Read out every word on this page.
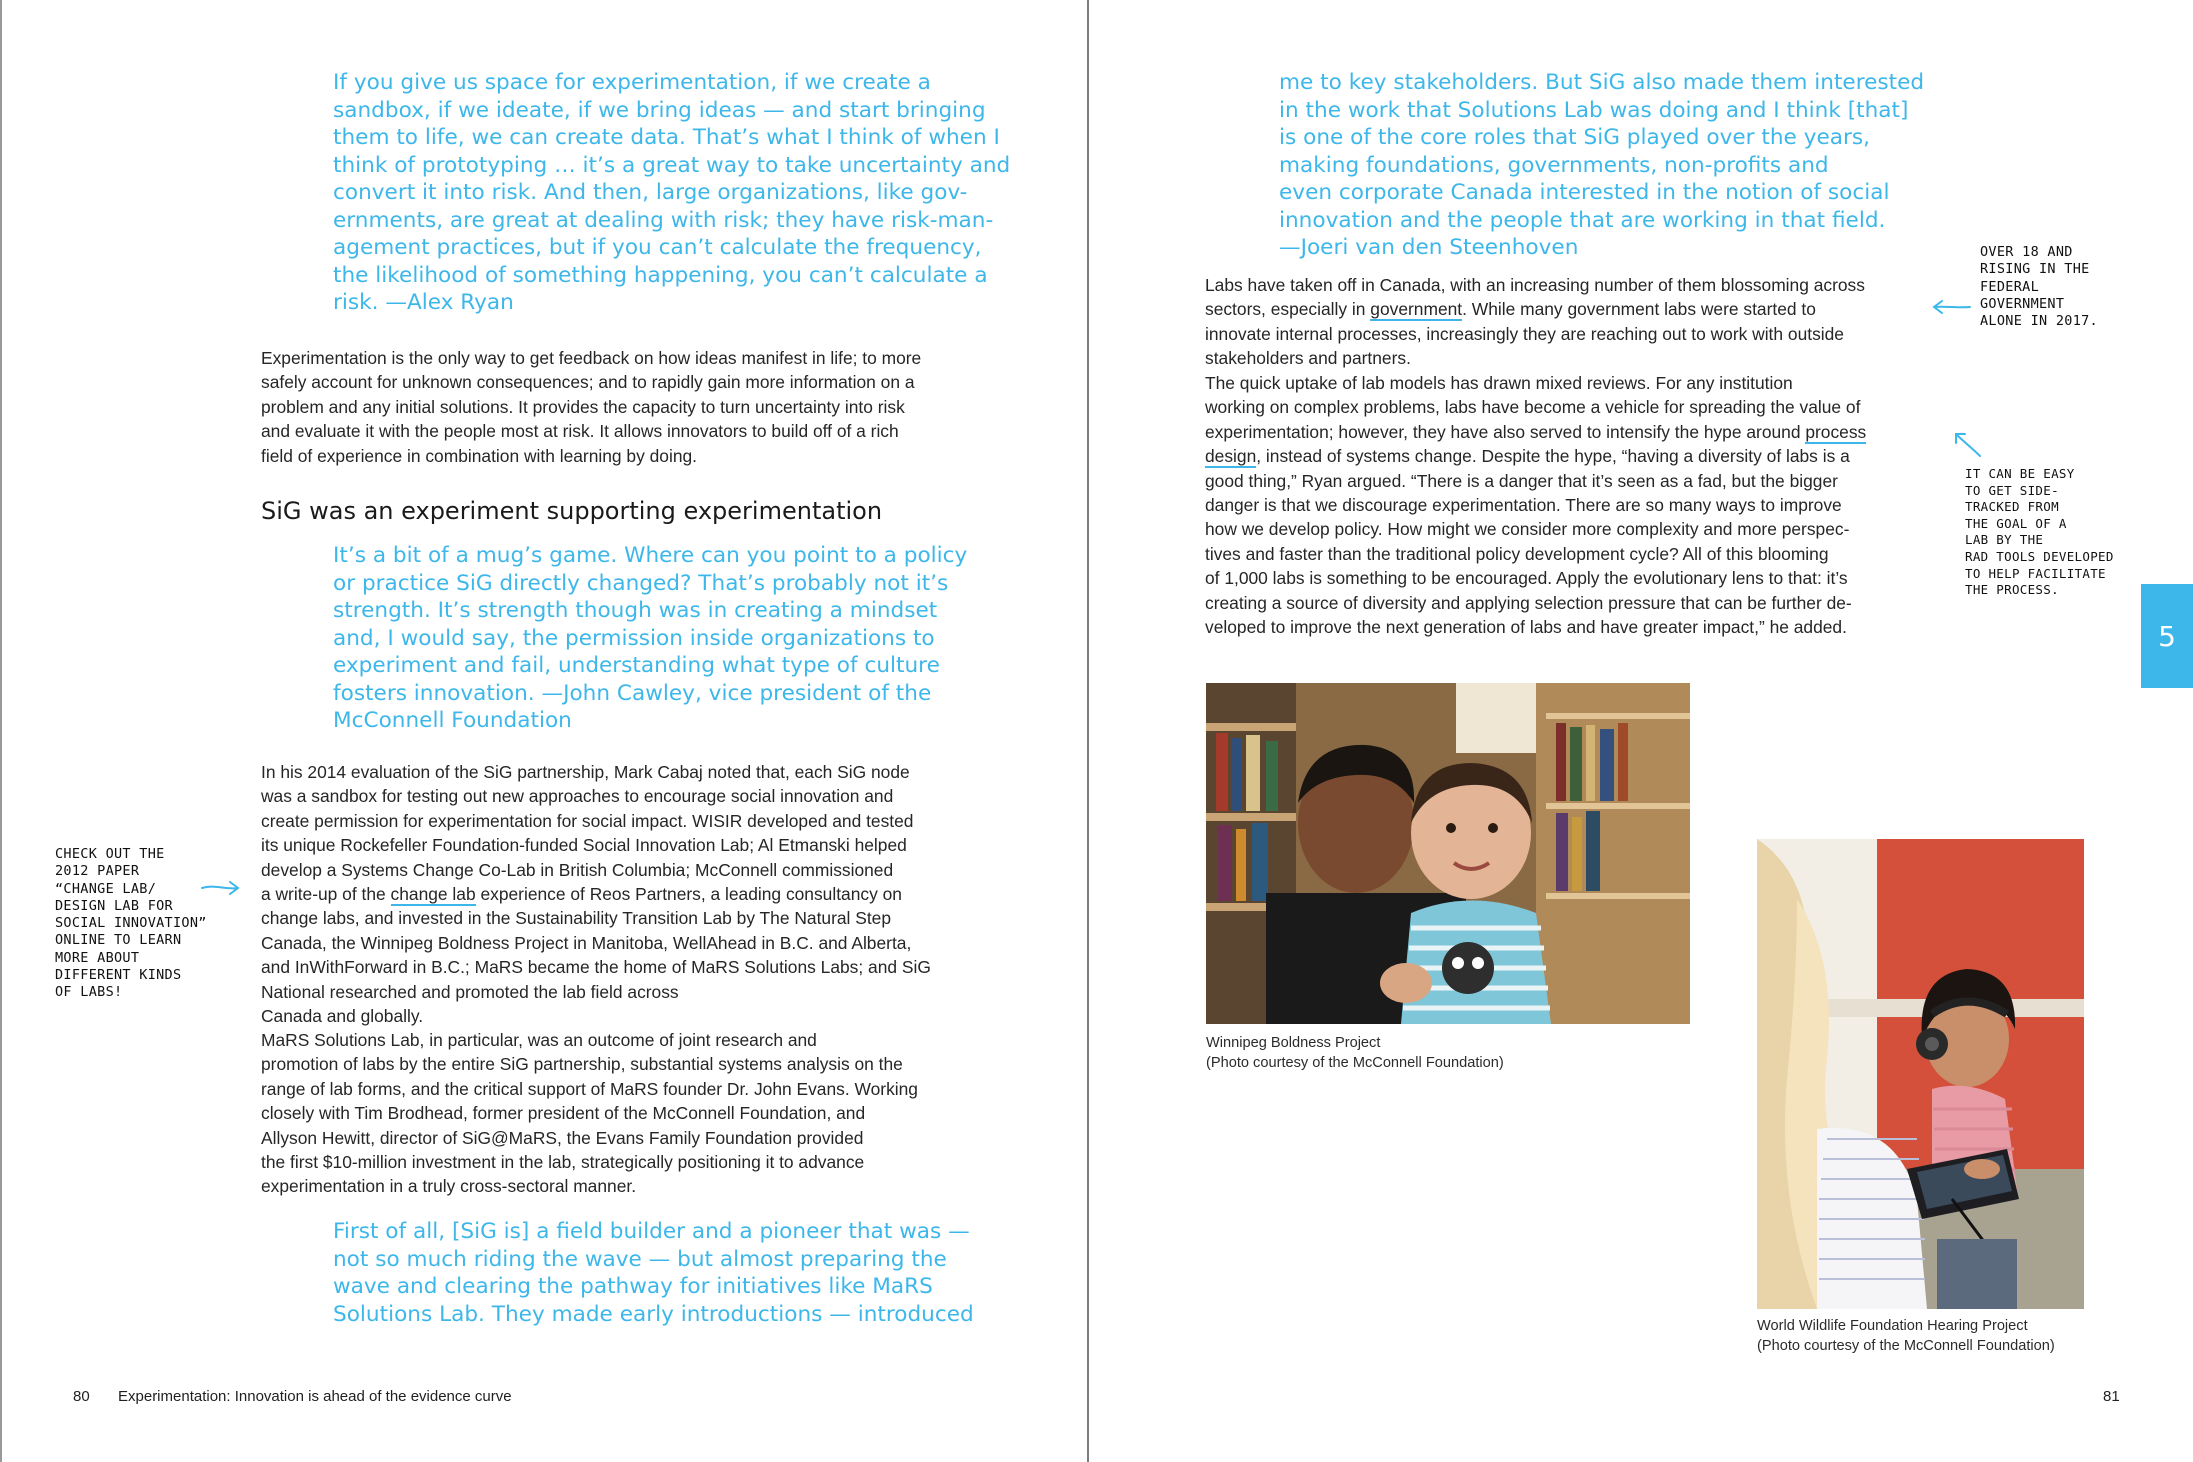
If you give us space for experimentation, if we create a
sandbox, if we ideate, if we bring ideas — and start bringing
them to life, we can create data. That’s what I think of when I
think of prototyping … it’s a great way to take uncertainty and
convert it into risk. And then, large organizations, like gov-
ernments, are great at dealing with risk; they have risk-man-
agement practices, but if you can’t calculate the frequency,
the likelihood of something happening, you can’t calculate a
risk. —Alex Ryan

Experimentation is the only way to get feedback on how ideas manifest in life; to more
safely account for unknown consequences; and to rapidly gain more information on a
problem and any initial solutions. It provides the capacity to turn uncertainty into risk
and evaluate it with the people most at risk. It allows innovators to build off of a rich
field of experience in combination with learning by doing.

SiG was an experiment supporting experimentation

It’s a bit of a mug’s game. Where can you point to a policy
or practice SiG directly changed? That’s probably not it’s
strength. It’s strength though was in creating a mindset
and, I would say, the permission inside organizations to
experiment and fail, understanding what type of culture
fosters innovation. —John Cawley, vice president of the
McConnell Foundation

In his 2014 evaluation of the SiG partnership, Mark Cabaj noted that, each SiG node
was a sandbox for testing out new approaches to encourage social innovation and
create permission for experimentation for social impact. WISIR developed and tested
its unique Rockefeller Foundation-funded Social Innovation Lab; Al Etmanski helped
develop a Systems Change Co-Lab in British Columbia; McConnell commissioned
a write-up of the change lab experience of Reos Partners, a leading consultancy on
change labs, and invested in the Sustainability Transition Lab by The Natural Step
Canada, the Winnipeg Boldness Project in Manitoba, WellAhead in B.C. and Alberta,
and InWithForward in B.C.; MaRS became the home of MaRS Solutions Labs; and SiG
National researched and promoted the lab field across
Canada and globally.

MaRS Solutions Lab, in particular, was an outcome of joint research and
promotion of labs by the entire SiG partnership, substantial systems analysis on the
range of lab forms, and the critical support of MaRS founder Dr. John Evans. Working
closely with Tim Brodhead, former president of the McConnell Foundation, and
Allyson Hewitt, director of SiG@MaRS, the Evans Family Foundation provided
the first $10-million investment in the lab, strategically positioning it to advance
experimentation in a truly cross-sectoral manner.

First of all, [SiG is] a field builder and a pioneer that was —
not so much riding the wave — but almost preparing the
wave and clearing the pathway for initiatives like MaRS
Solutions Lab. They made early introductions — introduced

CHECK OUT THE
2012 PAPER
“CHANGE LAB/
DESIGN LAB FOR
SOCIAL INNOVATION”
ONLINE TO LEARN
MORE ABOUT
DIFFERENT KINDS
OF LABS!

80 Experimentation: Innovation is ahead of the evidence curve

me to key stakeholders. But SiG also made them interested
in the work that Solutions Lab was doing and I think [that]
is one of the core roles that SiG played over the years,
making foundations, governments, non-profits and
even corporate Canada interested in the notion of social
innovation and the people that are working in that field.
—Joeri van den Steenhoven

Labs have taken off in Canada, with an increasing number of them blossoming across
sectors, especially in government. While many government labs were started to
innovate internal processes, increasingly they are reaching out to work with outside
stakeholders and partners.

The quick uptake of lab models has drawn mixed reviews. For any institution
working on complex problems, labs have become a vehicle for spreading the value of
experimentation; however, they have also served to intensify the hype around process
design, instead of systems change. Despite the hype, “having a diversity of labs is a
good thing,” Ryan argued. “There is a danger that it’s seen as a fad, but the bigger
danger is that we discourage experimentation. There are so many ways to improve
how we develop policy. How might we consider more complexity and more perspec-
tives and faster than the traditional policy development cycle? All of this blooming
of 1,000 labs is something to be encouraged. Apply the evolutionary lens to that: it’s
creating a source of diversity and applying selection pressure that can be further de-
veloped to improve the next generation of labs and have greater impact,” he added.

OVER 18 AND
RISING IN THE
FEDERAL
GOVERNMENT
ALONE IN 2017.

IT CAN BE EASY
TO GET SIDE-
TRACKED FROM
THE GOAL OF A
LAB BY THE
RAD TOOLS DEVELOPED
TO HELP FACILITATE
THE PROCESS.

Winnipeg Boldness Project
(Photo courtesy of the McConnell Foundation)

World Wildlife Foundation Hearing Project
(Photo courtesy of the McConnell Foundation)

81

5
